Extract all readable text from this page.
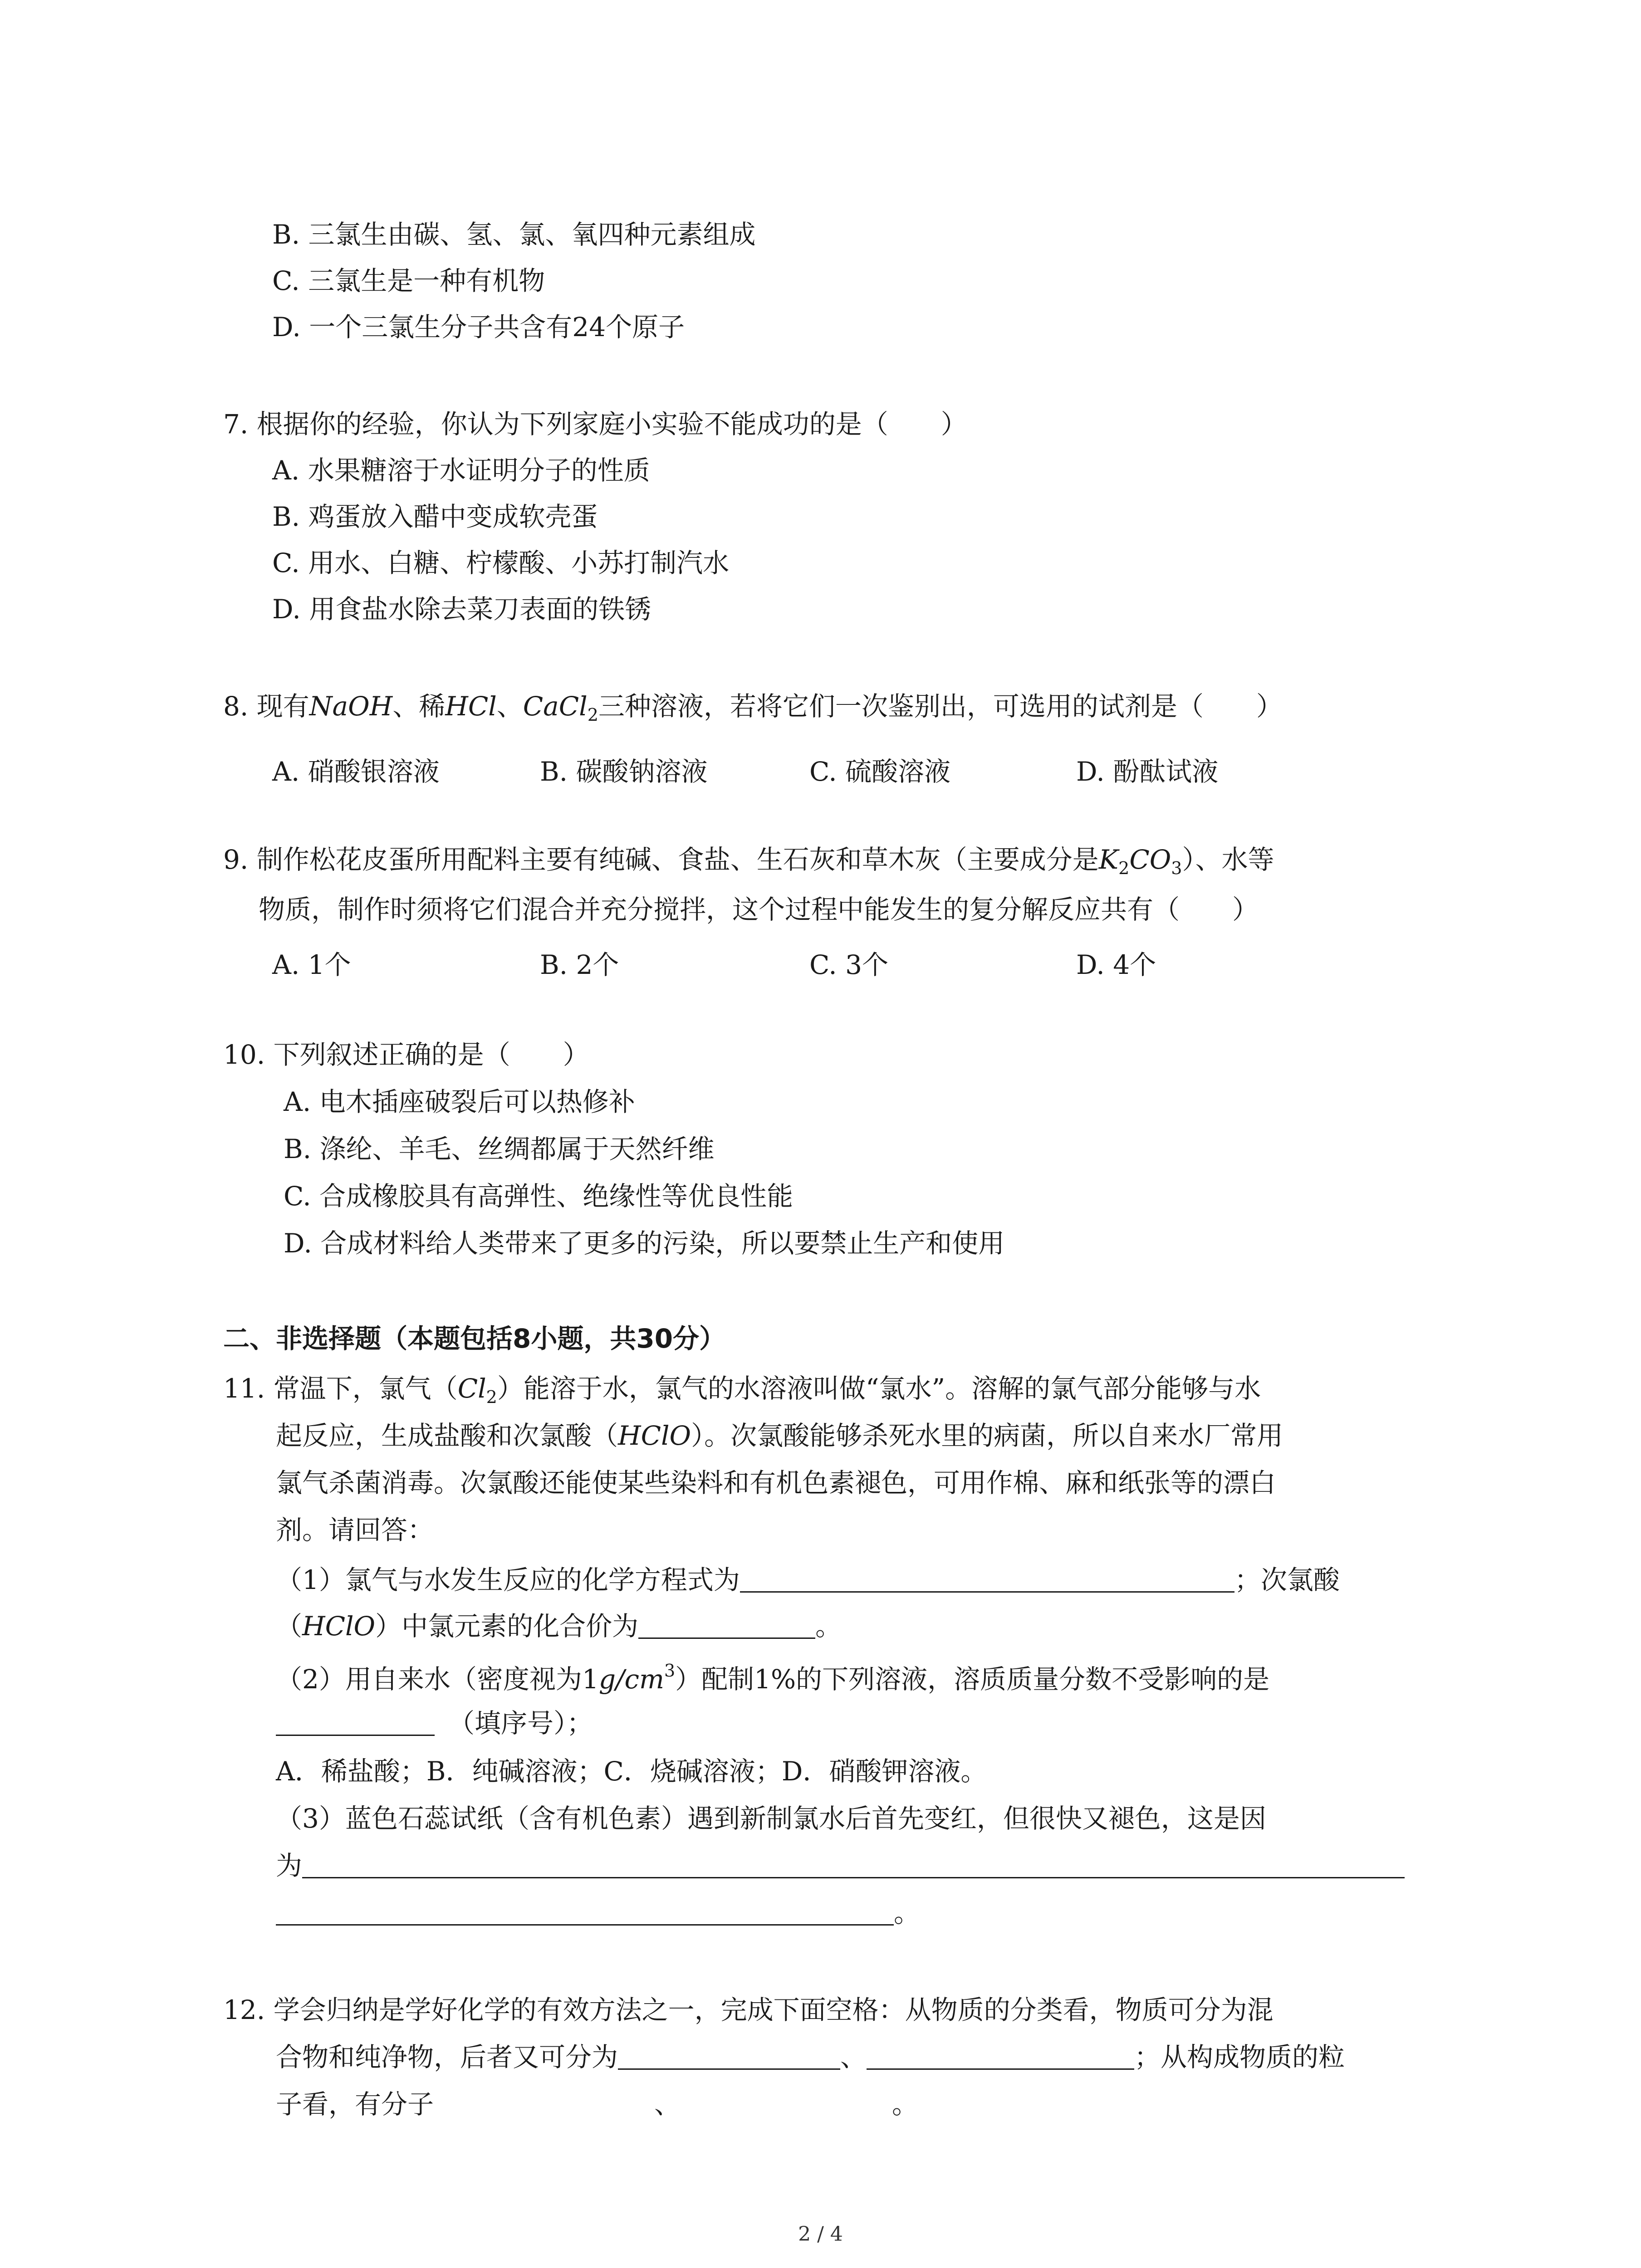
B. 三氯生由碳、氢、氯、氧四种元素组成
C. 三氯生是一种有机物
D. 一个三氯生分子共含有24个原子
7. 根据你的经验，你认为下列家庭小实验不能成功的是（　　）
A. 水果糖溶于水证明分子的性质
B. 鸡蛋放入醋中变成软壳蛋
C. 用水、白糖、柠檬酸、小苏打制汽水
D. 用食盐水除去菜刀表面的铁锈
8. 现有NaOH、稀HCl、CaCl$_2$三种溶液，若将它们一次鉴别出，可选用的试剂是（　　）
A. 硝酸银溶液	B. 碳酸钠溶液	C. 硫酸溶液	D. 酚酞试液
9. 制作松花皮蛋所用配料主要有纯碱、食盐、生石灰和草木灰（主要成分是$K_2CO_3$）、水等
物质，制作时须将它们混合并充分搅拌，这个过程中能发生的复分解反应共有（　　）
A. 1个	B. 2个	C. 3个	D. 4个
10. 下列叙述正确的是（　　）
A. 电木插座破裂后可以热修补
B. 涤纶、羊毛、丝绸都属于天然纤维
C. 合成橡胶具有高弹性、绝缘性等优良性能
D. 合成材料给人类带来了更多的污染，所以要禁止生产和使用
二、非选择题（本题包括8小题，共30分）
11. 常温下，氯气$(Cl_2)$能溶于水，氯气的水溶液叫做“氯水”。溶解的氯气部分能够与水
起反应，生成盐酸和次氯酸（HClO）。次氯酸能够杀死水里的病菌，所以自来水厂常用
氯气杀菌消毒。次氯酸还能使某些染料和有机色素褪色，可用作棉、麻和纸张等的漂白
剂。请回答：
（1）氯气与水发生反应的化学方程式为	；次氯酸
（HClO）中氯元素的化合价为	。
（2）用自来水（密度视为$1g/cm^3$）配制1%的下列溶液，溶质质量分数不受影响的是
（填序号）；
A．稀盐酸；B．纯碱溶液；C．烧碱溶液；D．硝酸钾溶液。
（3）蓝色石蕊试纸（含有机色素）遇到新制氯水后首先变红，但很快又褪色，这是因
为
。
12. 学会归纳是学好化学的有效方法之一，完成下面空格：从物质的分类看，物质可分为混
合物和纯净物，后者又可分为	、	；从构成物质的粒
子看，有分子	、	。
2 / 4
